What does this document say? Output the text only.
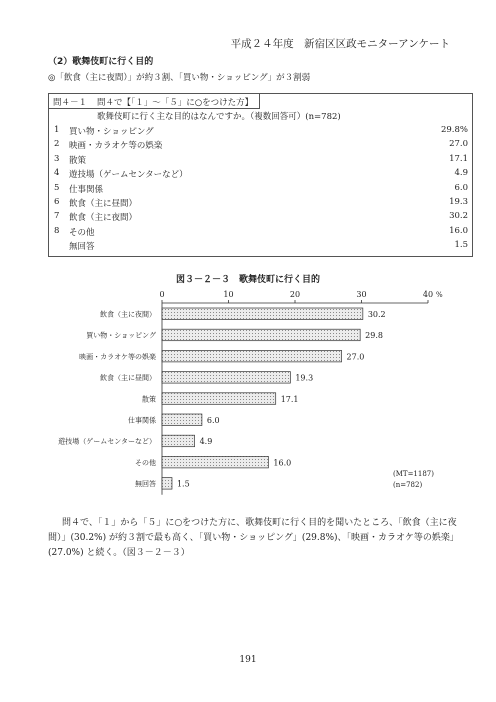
平成２４年度　新宿区区政モニターアンケート
（2）歌舞伎町に行く目的
◎「飲食（主に夜間）」が約３割、「買い物・ショッピング」が３割弱
問４－１ 問４で【「１」～「５」に○をつけた方】
歌舞伎町に行く主な目的はなんですか。（複数回答可）(n=782)
1 買い物・ショッピング	29.8%
2 映画・カラオケ等の娯楽	27.0
3 散策	17.1
4 遊技場（ゲームセンターなど）	4.9
5 仕事関係	6.0
6 飲食（主に昼間）	19.3
7 飲食（主に夜間）	30.2
8 その他	16.0
無回答	1.5
図３－２－３　歌舞伎町に行く目的
0	10	20	30	40 %
飲食（主に夜間）	30.2
買い物・ショッピング	29.8
映画・カラオケ等の娯楽	27.0
飲食（主に昼間）	19.3
散策	17.1
仕事関係	6.0
遊技場（ゲームセンターなど）	4.9
その他	16.0
無回答	1.5
(MT=1187)
(n=782)
問４で、「１」から「５」に○をつけた方に、歌舞伎町に行く目的を聞いたところ、「飲食（主に夜間）」(30.2%) が約３割で最も高く、「買い物・ショッピング」(29.8%)、「映画・カラオケ等の娯楽」(27.0%) と続く。（図３－２－３）
191
